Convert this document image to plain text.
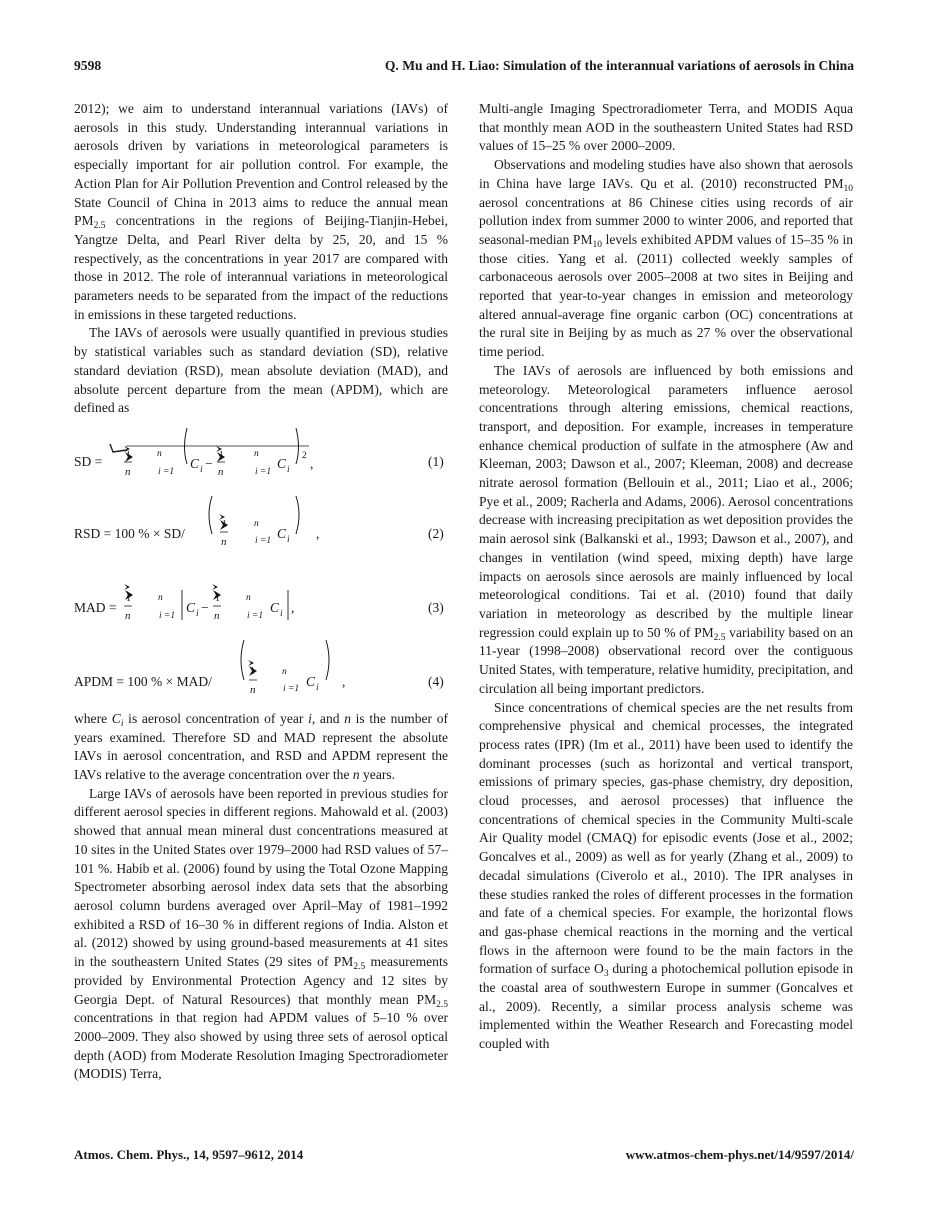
9598	Q. Mu and H. Liao: Simulation of the interannual variations of aerosols in China

2012); we aim to understand interannual variations (IAVs) of aerosols in this study. Understanding interannual variations in aerosols driven by variations in meteorological parameters is especially important for air pollution control. For example, the Action Plan for Air Pollution Prevention and Control released by the State Council of China in 2013 aims to reduce the annual mean $PM_{2.5}$ concentrations in the regions of Beijing-Tianjin-Hebei, Yangtze Delta, and Pearl River delta by 25, 20, and 15 % respectively, as the concentrations in year 2017 are compared with those in 2012. The role of interannual variations in meteorological parameters needs to be separated from the impact of the reductions in emissions in these targeted reductions.

The IAVs of aerosols were usually quantified in previous studies by statistical variables such as standard deviation (SD), relative standard deviation (RSD), mean absolute deviation (MAD), and absolute percent departure from the mean (APDM), which are defined as

SD = 1
n
n
i =1
C i −
1
n
n
i =1
C i
2 ,	(1)
RSD = 100 % × SD/
1
n
n
i =1 C i ,	(2)
MAD =
1
n
n
i =1
C i −
1
n
n
i =1
C i ,	(3)
APDM = 100 % × MAD/
1
n
n
i =1 C i ,	(4)

where $C_i$ is aerosol concentration of year i, and n is the number of years examined. Therefore SD and MAD represent the absolute IAVs in aerosol concentration, and RSD and APDM represent the IAVs relative to the average concentration over the n years.

Large IAVs of aerosols have been reported in previous studies for different aerosol species in different regions. Mahowald et al. (2003) showed that annual mean mineral dust concentrations measured at 10 sites in the United States over 1979–2000 had RSD values of 57–101 %. Habib et al. (2006) found by using the Total Ozone Mapping Spectrometer absorbing aerosol index data sets that the absorbing aerosol column burdens averaged over April–May of 1981–1992 exhibited a RSD of 16–30 % in different regions of India. Alston et al. (2012) showed by using ground-based measurements at 41 sites in the southeastern United States (29 sites of $PM_{2.5}$ measurements provided by Environmental Protection Agency and 12 sites by Georgia Dept. of Natural Resources) that monthly mean $PM_{2.5}$ concentrations in that region had APDM values of 5–10 % over 2000–2009. They also showed by using three sets of aerosol optical depth (AOD) from Moderate Resolution Imaging Spectroradiometer (MODIS) Terra,

Multi-angle Imaging Spectroradiometer Terra, and MODIS Aqua that monthly mean AOD in the southeastern United States had RSD values of 15–25 % over 2000–2009.

Observations and modeling studies have also shown that aerosols in China have large IAVs. Qu et al. (2010) reconstructed $PM_{10}$ aerosol concentrations at 86 Chinese cities using records of air pollution index from summer 2000 to winter 2006, and reported that seasonal-median $PM_{10}$ levels exhibited APDM values of 15–35 % in those cities. Yang et al. (2011) collected weekly samples of carbonaceous aerosols over 2005–2008 at two sites in Beijing and reported that year-to-year changes in emission and meteorology altered annual-average fine organic carbon (OC) concentrations at the rural site in Beijing by as much as 27 % over the observational time period.

The IAVs of aerosols are influenced by both emissions and meteorology. Meteorological parameters influence aerosol concentrations through altering emissions, chemical reactions, transport, and deposition. For example, increases in temperature enhance chemical production of sulfate in the atmosphere (Aw and Kleeman, 2003; Dawson et al., 2007; Kleeman, 2008) and decrease nitrate aerosol formation (Bellouin et al., 2011; Liao et al., 2006; Pye et al., 2009; Racherla and Adams, 2006). Aerosol concentrations decrease with increasing precipitation as wet deposition provides the main aerosol sink (Balkanski et al., 1993; Dawson et al., 2007), and changes in ventilation (wind speed, mixing depth) have large impacts on aerosols since aerosols are mainly influenced by local meteorological conditions. Tai et al. (2010) found that daily variation in meteorology as described by the multiple linear regression could explain up to 50 % of $PM_{2.5}$ variability based on an 11-year (1998–2008) observational record over the contiguous United States, with temperature, relative humidity, precipitation, and circulation all being important predictors.

Since concentrations of chemical species are the net results from comprehensive physical and chemical processes, the integrated process rates (IPR) (Im et al., 2011) have been used to identify the dominant processes (such as horizontal and vertical transport, emissions of primary species, gas-phase chemistry, dry deposition, cloud processes, and aerosol processes) that influence the concentrations of chemical species in the Community Multi-scale Air Quality model (CMAQ) for episodic events (Jose et al., 2002; Goncalves et al., 2009) as well as for yearly (Zhang et al., 2009) to decadal simulations (Civerolo et al., 2010). The IPR analyses in these studies ranked the roles of different processes in the formation and fate of a chemical species. For example, the horizontal flows and gas-phase chemical reactions in the morning and the vertical flows in the afternoon were found to be the main factors in the formation of surface $O_3$ during a photochemical pollution episode in the coastal area of southwestern Europe in summer (Goncalves et al., 2009). Recently, a similar process analysis scheme was implemented within the Weather Research and Forecasting model coupled with

Atmos. Chem. Phys., 14, 9597–9612, 2014	www.atmos-chem-phys.net/14/9597/2014/
